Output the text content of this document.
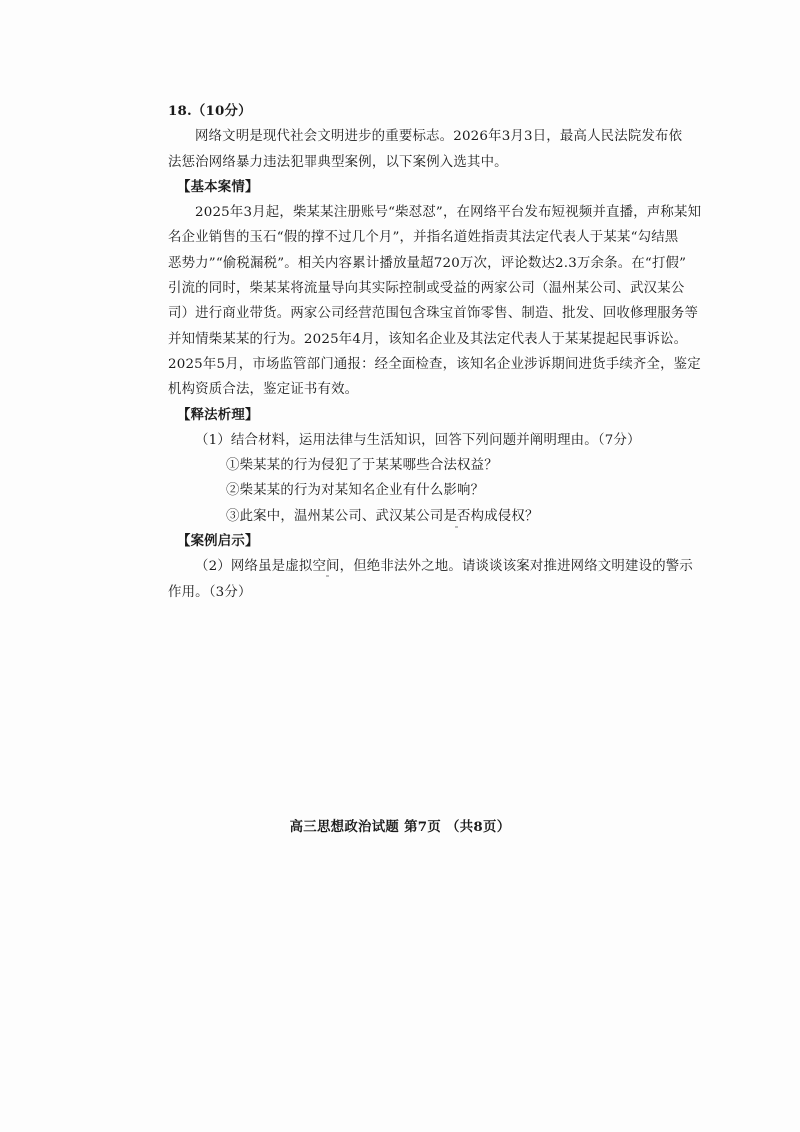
18.（10分）
网络文明是现代社会文明进步的重要标志。2026年3月3日，最高人民法院发布依
法惩治网络暴力违法犯罪典型案例，以下案例入选其中。
【基本案情】
2025年3月起，柴某某注册账号“柴怼怼”，在网络平台发布短视频并直播，声称某知
名企业销售的玉石“假的撑不过几个月”，并指名道姓指责其法定代表人于某某“勾结黑
恶势力”“偷税漏税”。相关内容累计播放量超720万次，评论数达2.3万余条。在“打假”
引流的同时，柴某某将流量导向其实际控制或受益的两家公司（温州某公司、武汉某公
司）进行商业带货。两家公司经营范围包含珠宝首饰零售、制造、批发、回收修理服务等
并知情柴某某的行为。2025年4月，该知名企业及其法定代表人于某某提起民事诉讼。
2025年5月，市场监管部门通报：经全面检查，该知名企业涉诉期间进货手续齐全，鉴定
机构资质合法，鉴定证书有效。
【释法析理】
（1）结合材料，运用法律与生活知识，回答下列问题并阐明理由。（7分）
①柴某某的行为侵犯了于某某哪些合法权益？
②柴某某的行为对某知名企业有什么影响？
③此案中，温州某公司、武汉某公司是否构成侵权？
【案例启示】
（2）网络虽是虚拟空间，但绝非法外之地。请谈谈该案对推进网络文明建设的警示
作用。（3分）
高三思想政治试题 第7页 （共8页）
